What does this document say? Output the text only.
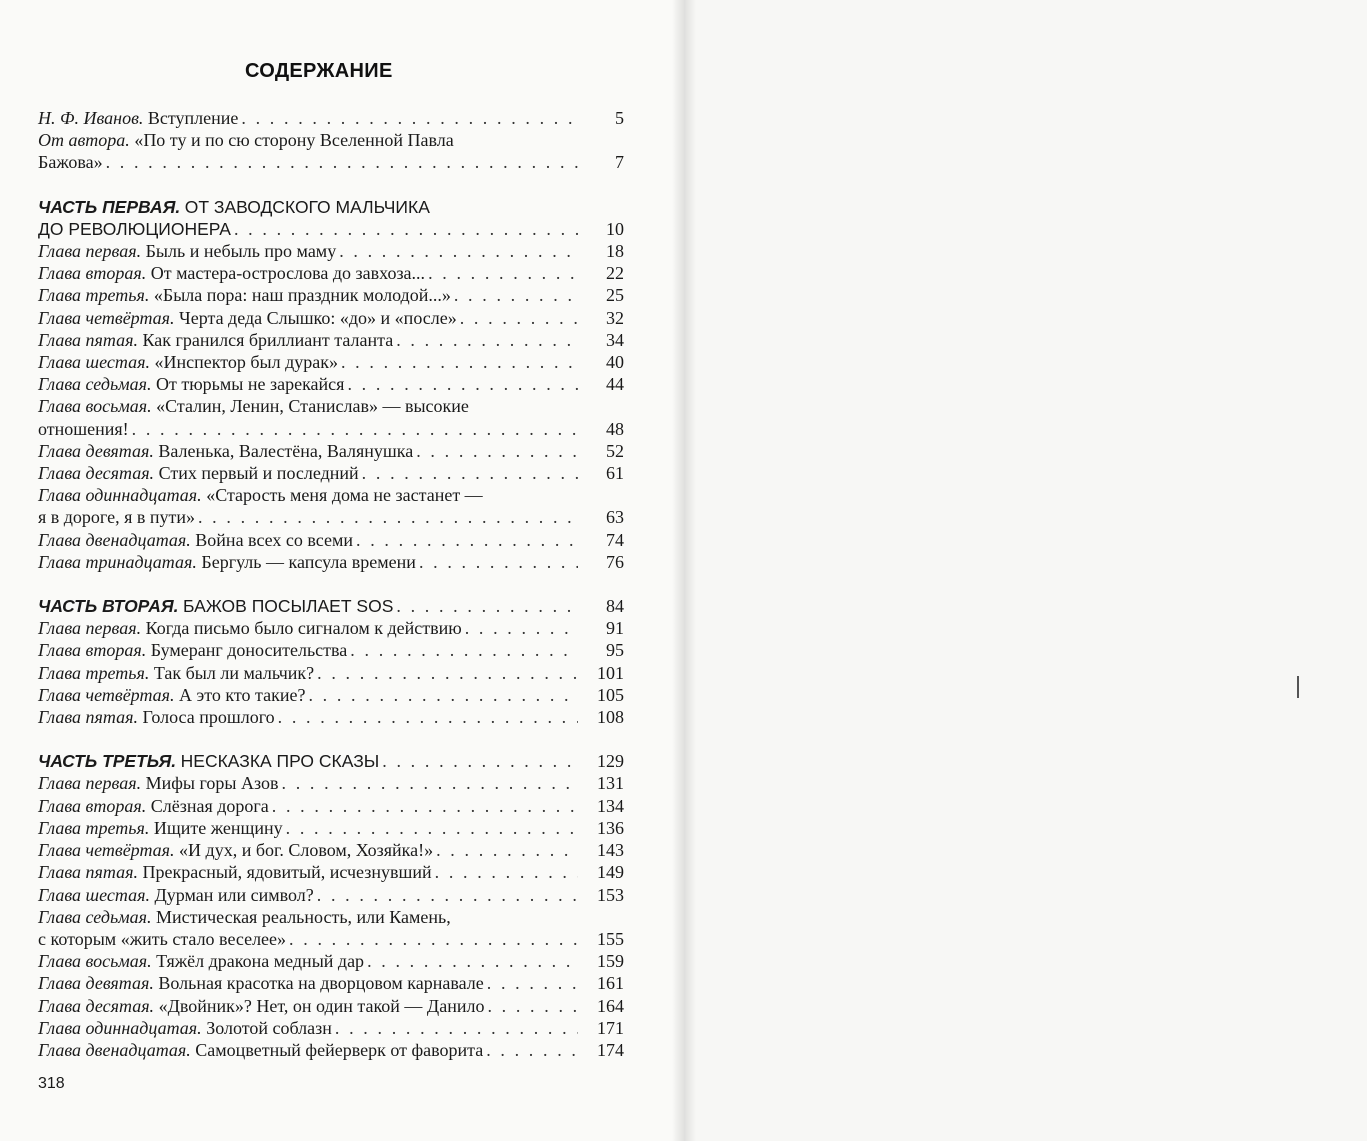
СОДЕРЖАНИЕ
Н. Ф. Иванов. Вступление . . .	5
От автора. «По ту и по сю сторону Вселенной Павла
Бажова» . . .	7
ЧАСТЬ ПЕРВАЯ. ОТ ЗАВОДСКОГО МАЛЬЧИКА
ДО РЕВОЛЮЦИОНЕРА . . .	10
Глава первая. Быль и небыль про маму . . .	18
Глава вторая. От мастера-острослова до завхоза... . . .	22
Глава третья. «Была пора: наш праздник молодой...» . . .	25
Глава четвёртая. Черта деда Слышко: «до» и «после» . . .	32
Глава пятая. Как гранился бриллиант таланта . . .	34
Глава шестая. «Инспектор был дурак» . . .	40
Глава седьмая. От тюрьмы не зарекайся . . .	44
Глава восьмая. «Сталин, Ленин, Станислав» — высокие
отношения! . . .	48
Глава девятая. Валенька, Валестёна, Валянушка . . .	52
Глава десятая. Стих первый и последний . . .	61
Глава одиннадцатая. «Старость меня дома не застанет —
я в дороге, я в пути» . . .	63
Глава двенадцатая. Война всех со всеми . . .	74
Глава тринадцатая. Бергуль — капсула времени . . .	76
ЧАСТЬ ВТОРАЯ. БАЖОВ ПОСЫЛАЕТ SOS . . .	84
Глава первая. Когда письмо было сигналом к действию . . .	91
Глава вторая. Бумеранг доносительства . . .	95
Глава третья. Так был ли мальчик? . . .	101
Глава четвёртая. А это кто такие? . . .	105
Глава пятая. Голоса прошлого . . .	108
ЧАСТЬ ТРЕТЬЯ. НЕСКАЗКА ПРО СКАЗЫ . . .	129
Глава первая. Мифы горы Азов . . .	131
Глава вторая. Слёзная дорога . . .	134
Глава третья. Ищите женщину . . .	136
Глава четвёртая. «И дух, и бог. Словом, Хозяйка!» . . .	143
Глава пятая. Прекрасный, ядовитый, исчезнувший . . .	149
Глава шестая. Дурман или символ? . . .	153
Глава седьмая. Мистическая реальность, или Камень,
с которым «жить стало веселее» . . .	155
Глава восьмая. Тяжёл дракона медный дар . . .	159
Глава девятая. Вольная красотка на дворцовом карнавале . . .	161
Глава десятая. «Двойник»? Нет, он один такой — Данило . . .	164
Глава одиннадцатая. Золотой соблазн . . .	171
Глава двенадцатая. Самоцветный фейерверк от фаворита . . .	174
318
